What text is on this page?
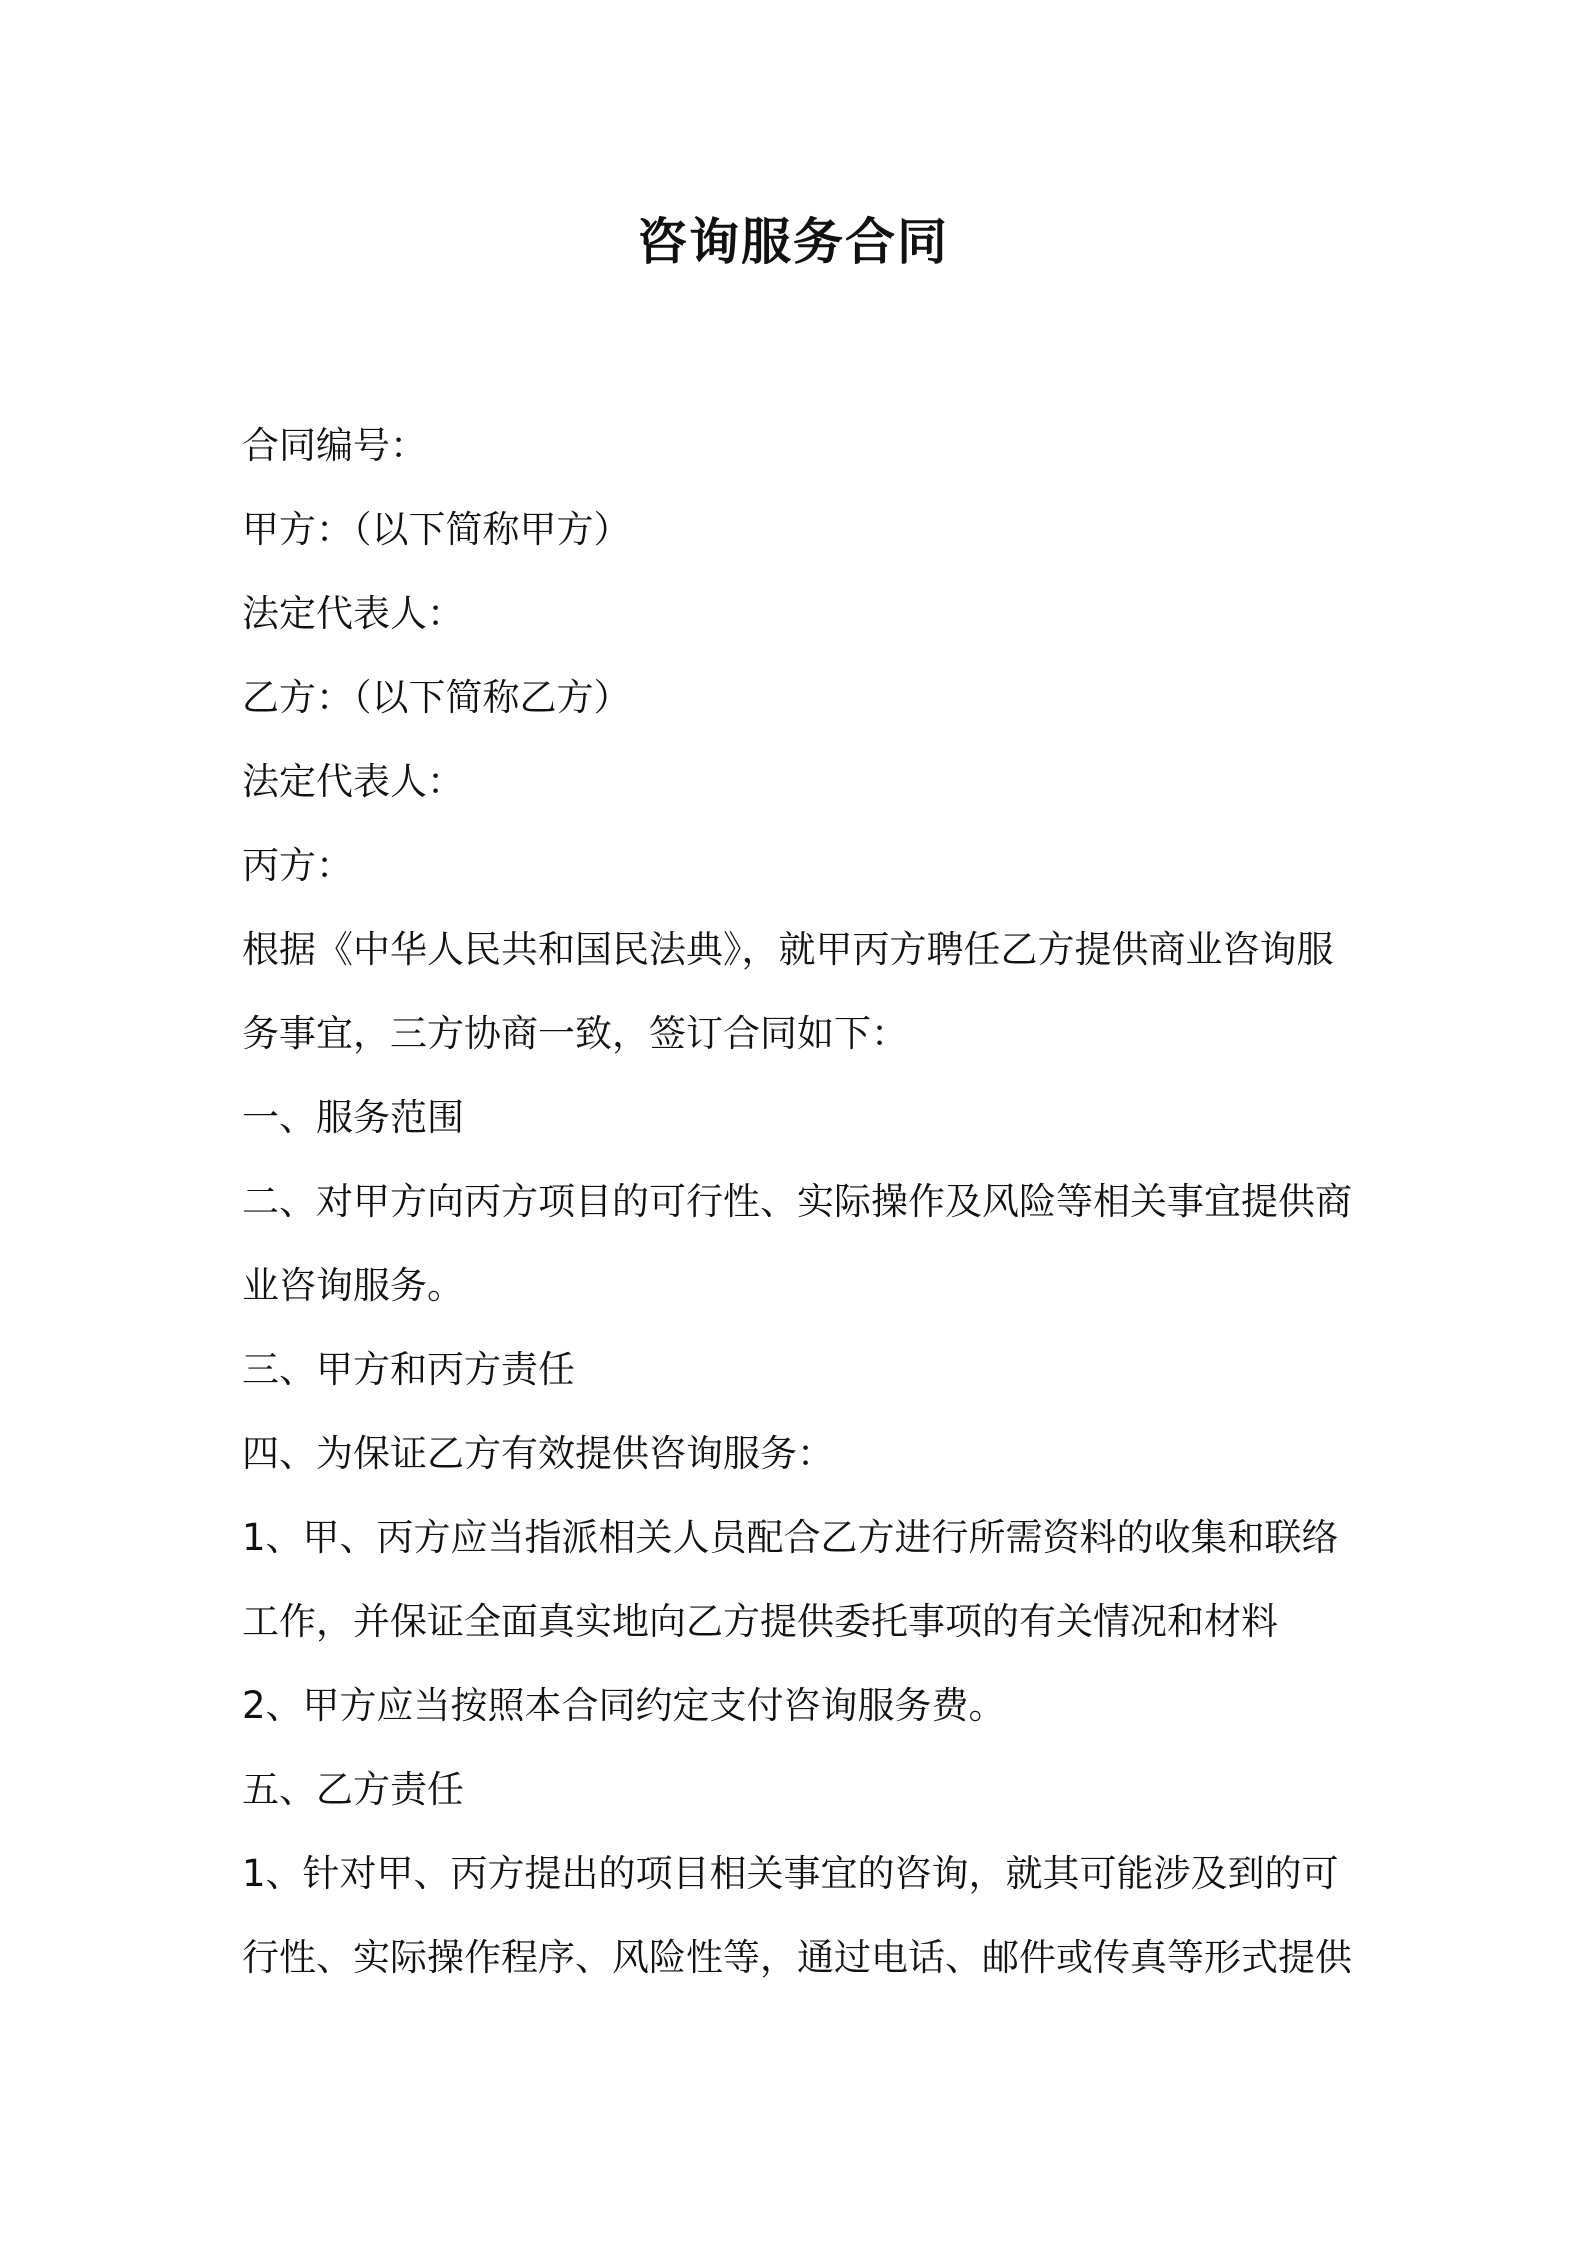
咨询服务合同
合同编号：
甲方：（以下简称甲方）
法定代表人：
乙方：（以下简称乙方）
法定代表人：
丙方：
根据《中华人民共和国民法典》，就甲丙方聘任乙方提供商业咨询服
务事宜，三方协商一致，签订合同如下：
一、服务范围
二、对甲方向丙方项目的可行性、实际操作及风险等相关事宜提供商
业咨询服务。
三、甲方和丙方责任
四、为保证乙方有效提供咨询服务：
1、甲、丙方应当指派相关人员配合乙方进行所需资料的收集和联络
工作，并保证全面真实地向乙方提供委托事项的有关情况和材料
2、甲方应当按照本合同约定支付咨询服务费。
五、乙方责任
1、针对甲、丙方提出的项目相关事宜的咨询，就其可能涉及到的可
行性、实际操作程序、风险性等，通过电话、邮件或传真等形式提供
